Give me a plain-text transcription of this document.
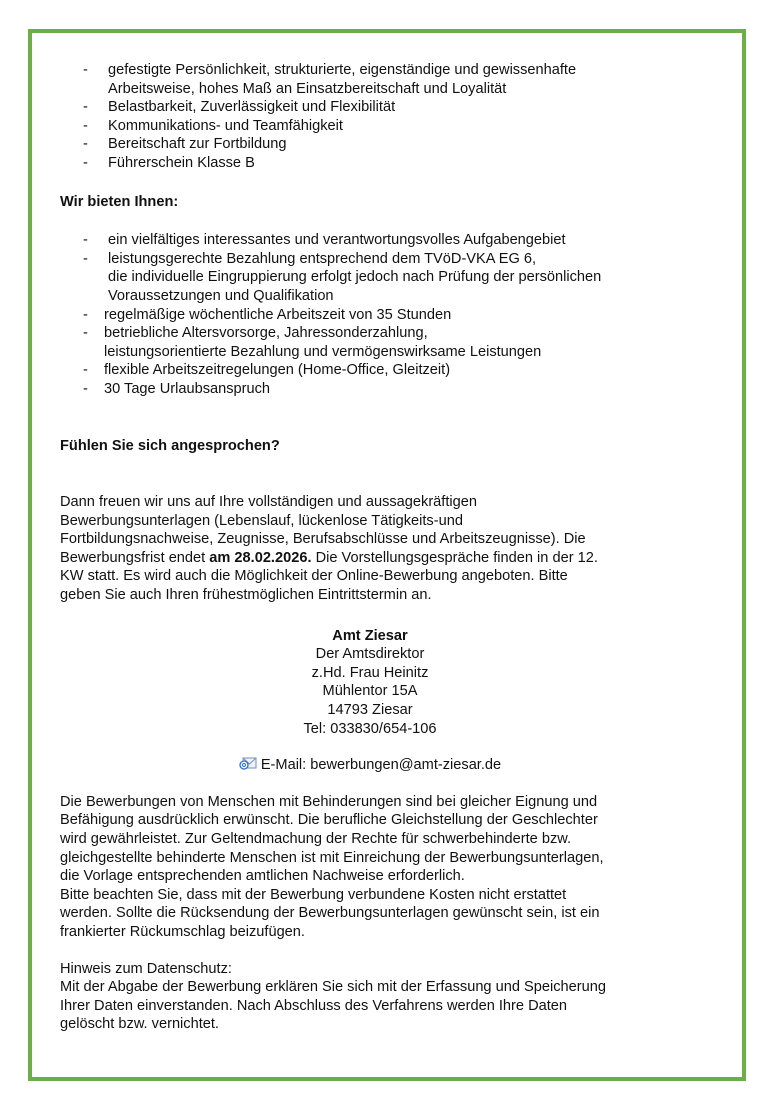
- gefestigte Persönlichkeit, strukturierte, eigenständige und gewissenhafte
Arbeitsweise, hohes Maß an Einsatzbereitschaft und Loyalität
- Belastbarkeit, Zuverlässigkeit und Flexibilität
- Kommunikations- und Teamfähigkeit
- Bereitschaft zur Fortbildung
- Führerschein Klasse B
Wir bieten Ihnen:
- ein vielfältiges interessantes und verantwortungsvolles Aufgabengebiet
- leistungsgerechte Bezahlung entsprechend dem TVöD-VKA EG 6,
die individuelle Eingruppierung erfolgt jedoch nach Prüfung der persönlichen
Voraussetzungen und Qualifikation
- regelmäßige wöchentliche Arbeitszeit von 35 Stunden
- betriebliche Altersvorsorge, Jahressonderzahlung,
leistungsorientierte Bezahlung und vermögenswirksame Leistungen
- flexible Arbeitszeitregelungen (Home-Office, Gleitzeit)
- 30 Tage Urlaubsanspruch
Fühlen Sie sich angesprochen?
Dann freuen wir uns auf Ihre vollständigen und aussagekräftigen
Bewerbungsunterlagen (Lebenslauf, lückenlose Tätigkeits-und
Fortbildungsnachweise, Zeugnisse, Berufsabschlüsse und Arbeitszeugnisse). Die
Bewerbungsfrist endet am 28.02.2026. Die Vorstellungsgespräche finden in der 12.
KW statt. Es wird auch die Möglichkeit der Online-Bewerbung angeboten. Bitte
geben Sie auch Ihren frühestmöglichen Eintrittstermin an.
Amt Ziesar
Der Amtsdirektor
z.Hd. Frau Heinitz
Mühlentor 15A
14793 Ziesar
Tel: 033830/654-106
E-Mail: bewerbungen@amt-ziesar.de
Die Bewerbungen von Menschen mit Behinderungen sind bei gleicher Eignung und
Befähigung ausdrücklich erwünscht. Die berufliche Gleichstellung der Geschlechter
wird gewährleistet. Zur Geltendmachung der Rechte für schwerbehinderte bzw.
gleichgestellte behinderte Menschen ist mit Einreichung der Bewerbungsunterlagen,
die Vorlage entsprechenden amtlichen Nachweise erforderlich.
Bitte beachten Sie, dass mit der Bewerbung verbundene Kosten nicht erstattet
werden. Sollte die Rücksendung der Bewerbungsunterlagen gewünscht sein, ist ein
frankierter Rückumschlag beizufügen.
Hinweis zum Datenschutz:
Mit der Abgabe der Bewerbung erklären Sie sich mit der Erfassung und Speicherung
Ihrer Daten einverstanden. Nach Abschluss des Verfahrens werden Ihre Daten
gelöscht bzw. vernichtet.
